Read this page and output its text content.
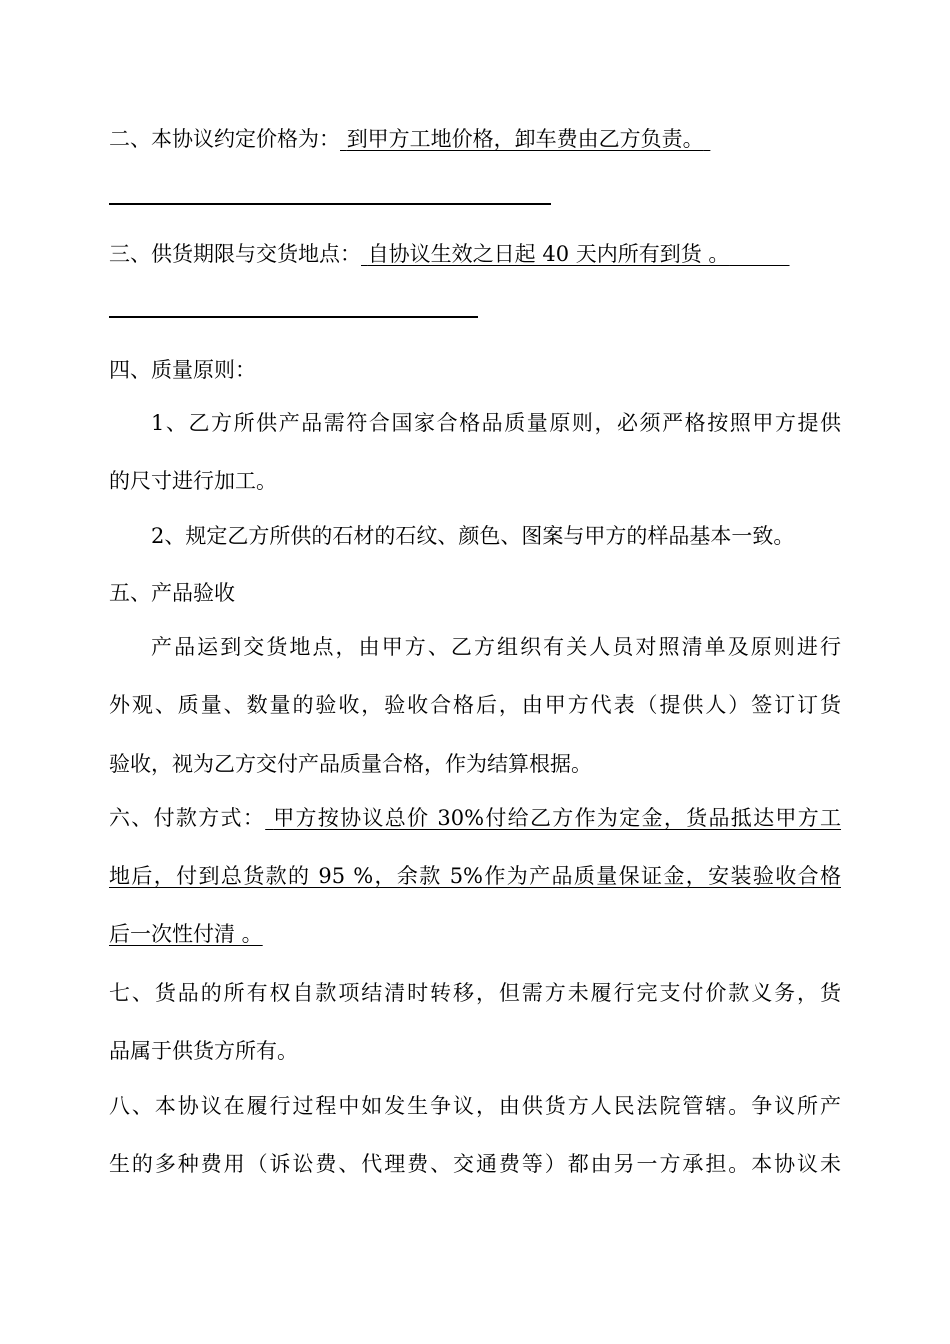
二、本协议约定价格为： 到甲方工地价格，卸车费由乙方负责。
三、供货期限与交货地点： 自协议生效之日起 40 天内所有到货 。
四、质量原则：
1、乙方所供产品需符合国家合格品质量原则，必须严格按照甲方提供
的尺寸进行加工。
2、规定乙方所供的石材的石纹、颜色、图案与甲方的样品基本一致。
五、产品验收
产品运到交货地点，由甲方、乙方组织有关人员对照清单及原则进行
外观、质量、数量的验收，验收合格后，由甲方代表（提供人）签订订货
验收，视为乙方交付产品质量合格，作为结算根据。
六、付款方式： 甲方按协议总价 30%付给乙方作为定金，货品抵达甲方工
地后，付到总货款的 95 %，余款 5%作为产品质量保证金，安装验收合格
后一次性付清 。
七、货品的所有权自款项结清时转移，但需方未履行完支付价款义务，货
品属于供货方所有。
八、本协议在履行过程中如发生争议，由供货方人民法院管辖。争议所产
生的多种费用（诉讼费、代理费、交通费等）都由另一方承担。本协议未
